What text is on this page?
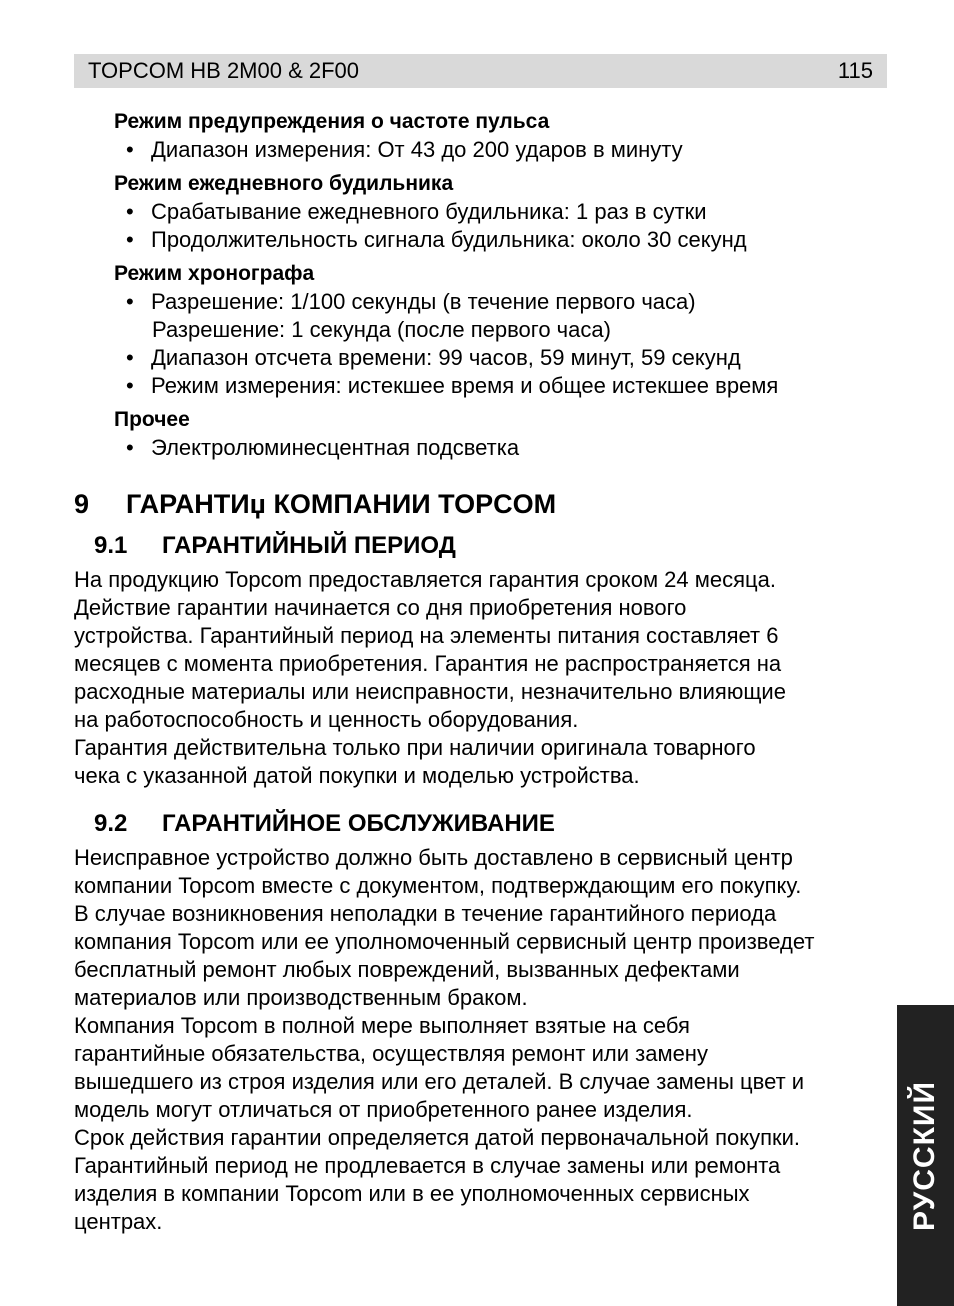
TOPCOM HB 2M00 & 2F00	115
Режим предупреждения о частоте пульса
• Диапазон измерения: От 43 до 200 ударов в минуту
Режим ежедневного будильника
• Срабатывание ежедневного будильника: 1 раз в сутки
• Продолжительность сигнала будильника: около 30 секунд
Режим хронографа
• Разрешение: 1/100 секунды (в течение первого часа)
Разрешение: 1 секунда (после первого часа)
• Диапазон отсчета времени: 99 часов, 59 минут, 59 секунд
• Режим измерения: истекшее время и общее истекшее время
Прочее
• Электролюминесцентная подсветка
9	ГАРАНТИџ КОМПАНИИ TOPCOM
9.1 ГАРАНТИЙНЫЙ ПЕРИОД

На продукцию Topcom предоставляется гарантия сроком 24 месяца.
Действие гарантии начинается со дня приобретения нового
устройства. Гарантийный период на элементы питания составляет 6
месяцев с момента приобретения. Гарантия не распространяется на
расходные материалы или неисправности, незначительно влияющие
на работоспособность и ценность оборудования.
Гарантия действительна только при наличии оригинала товарного
чека с указанной датой покупки и моделью устройства.

9.2 ГАРАНТИЙНОЕ ОБСЛУЖИВАНИЕ

Неисправное устройство должно быть доставлено в сервисный центр
компании Topcom вместе с документом, подтверждающим его покупку.
В случае возникновения неполадки в течение гарантийного периода
компания Topcom или ее уполномоченный сервисный центр произведет
бесплатный ремонт любых повреждений, вызванных дефектами
материалов или производственным браком.
Компания Topcom в полной мере выполняет взятые на себя
гарантийные обязательства, осуществляя ремонт или замену
вышедшего из строя изделия или его деталей. В случае замены цвет и
модель могут отличаться от приобретенного ранее изделия.
Срок действия гарантии определяется датой первоначальной покупки.
Гарантийный период не продлевается в случае замены или ремонта
изделия в компании Topcom или в ее уполномоченных сервисных
центрах.	РУССКИЙ
